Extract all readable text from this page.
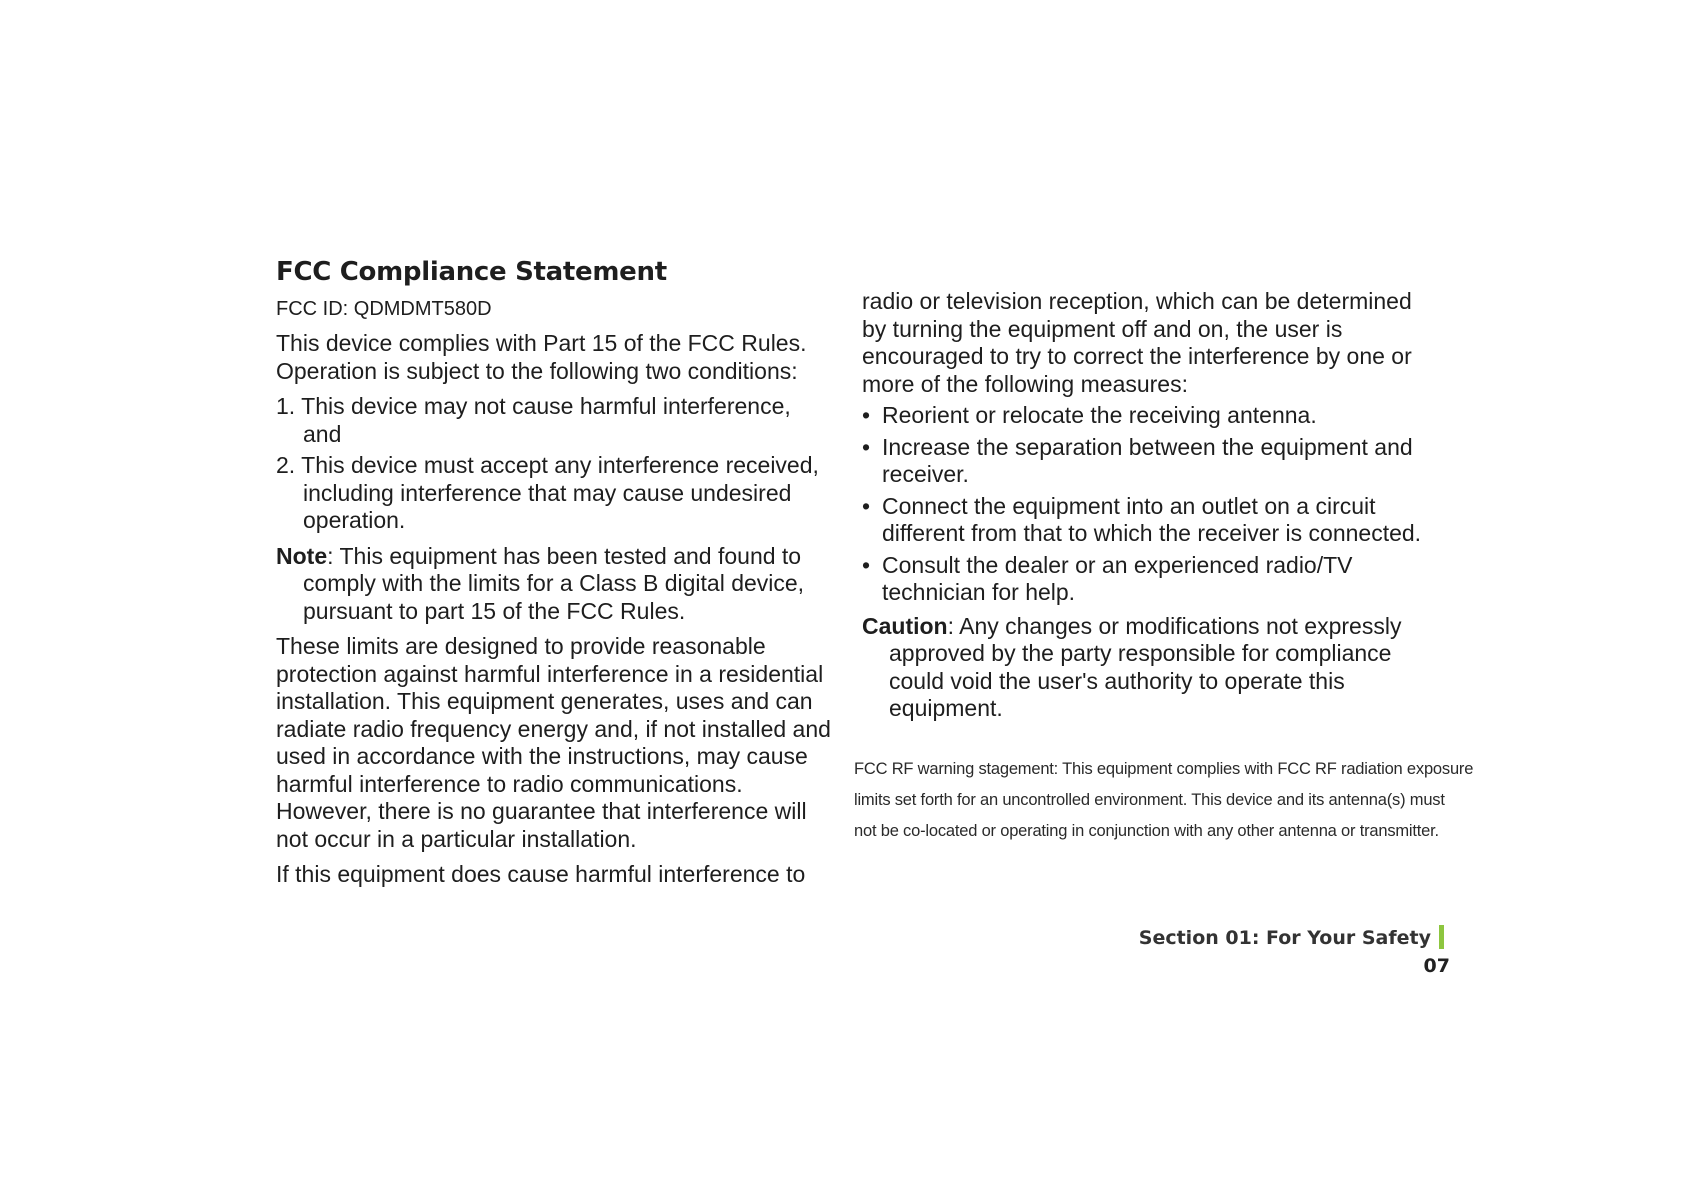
FCC Compliance Statement
FCC ID: QDMDMT580D

This device complies with Part 15 of the FCC Rules. Operation is subject to the following two conditions:

1. This device may not cause harmful interference, and
2. This device must accept any interference received, including interference that may cause undesired operation.
Note: This equipment has been tested and found to comply with the limits for a Class B digital device, pursuant to part 15 of the FCC Rules.

These limits are designed to provide reasonable protection against harmful interference in a residential installation. This equipment generates, uses and can radiate radio frequency energy and, if not installed and used in accordance with the instructions, may cause harmful interference to radio communications. However, there is no guarantee that interference will not occur in a particular installation.

If this equipment does cause harmful interference to

radio or television reception, which can be determined by turning the equipment off and on, the user is encouraged to try to correct the interference by one or more of the following measures:

• Reorient or relocate the receiving antenna.
• Increase the separation between the equipment and receiver.
• Connect the equipment into an outlet on a circuit different from that to which the receiver is connected.
• Consult the dealer or an experienced radio/TV technician for help.
Caution: Any changes or modifications not expressly approved by the party responsible for compliance could void the user's authority to operate this equipment.
FCC RF warning stagement: This equipment complies with FCC RF radiation exposure
limits set forth for an uncontrolled environment. This device and its antenna(s) must
not be co-located or operating in conjunction with any other antenna or transmitter.
Section 01: For Your Safety07
